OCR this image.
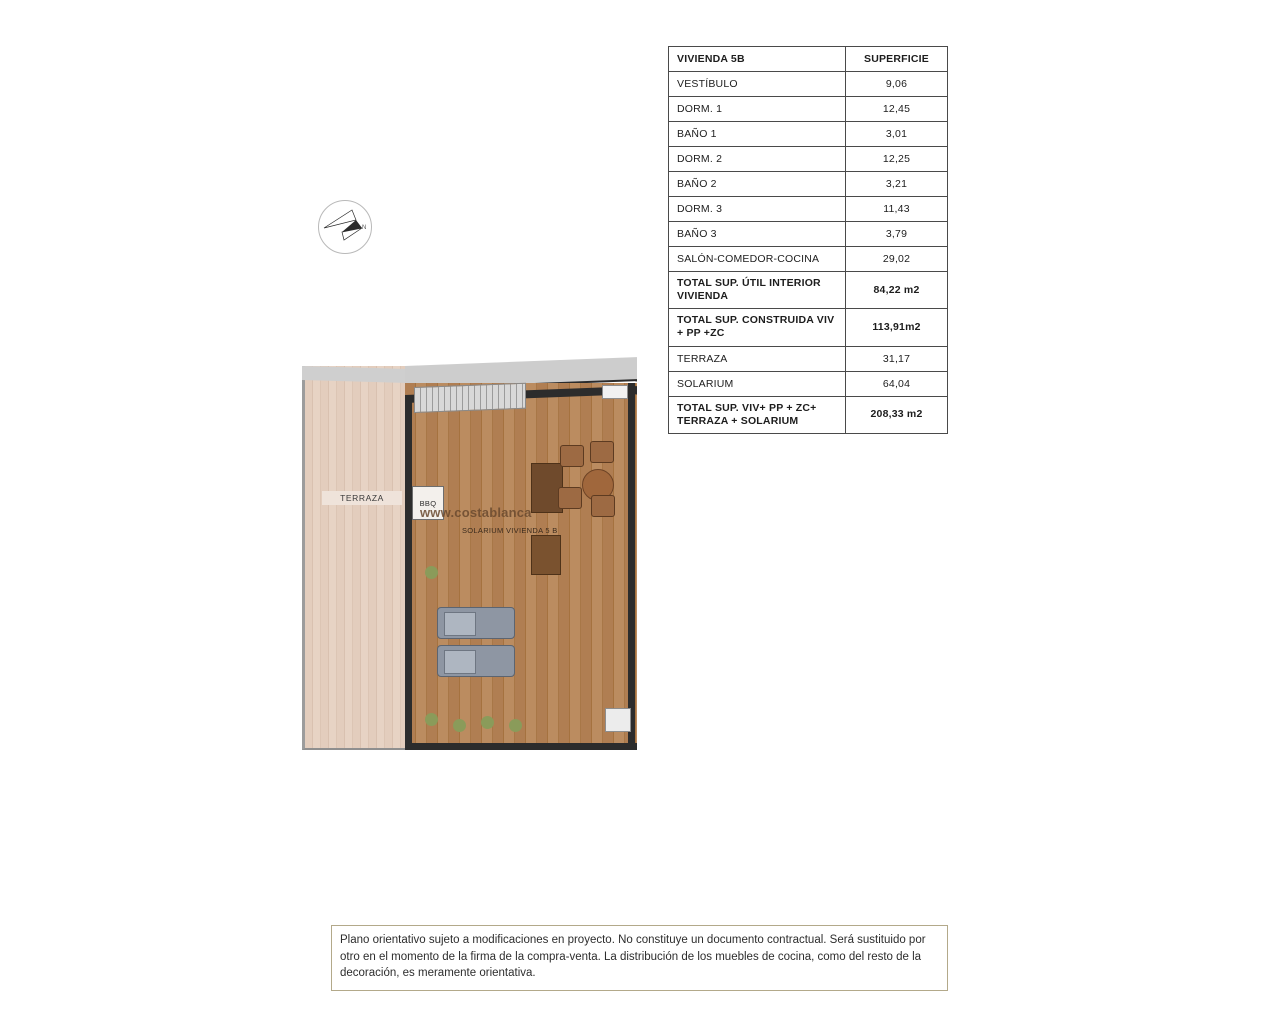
N
TERRAZA	BBQ
www.costablanca
SOLARIUM VIVIENDA 5 B
VIVIENDA 5B	SUPERFICIE
VESTÍBULO	9,06
DORM. 1	12,45
BAÑO 1	3,01
DORM. 2	12,25
BAÑO 2	3,21
DORM. 3	11,43
BAÑO 3	3,79
SALÓN-COMEDOR-COCINA	29,02
TOTAL SUP. ÚTIL INTERIOR VIVIENDA	84,22 m2
TOTAL SUP. CONSTRUIDA VIV + PP +ZC	113,91m2
TERRAZA	31,17
SOLARIUM	64,04
TOTAL SUP. VIV+ PP + ZC+ TERRAZA + SOLARIUM	208,33 m2
Plano orientativo sujeto a modificaciones en proyecto. No constituye un documento contractual. Será sustituido por otro en el momento de la firma de la compra-venta. La distribución de los muebles de cocina, como del resto de la decoración, es meramente orientativa.
